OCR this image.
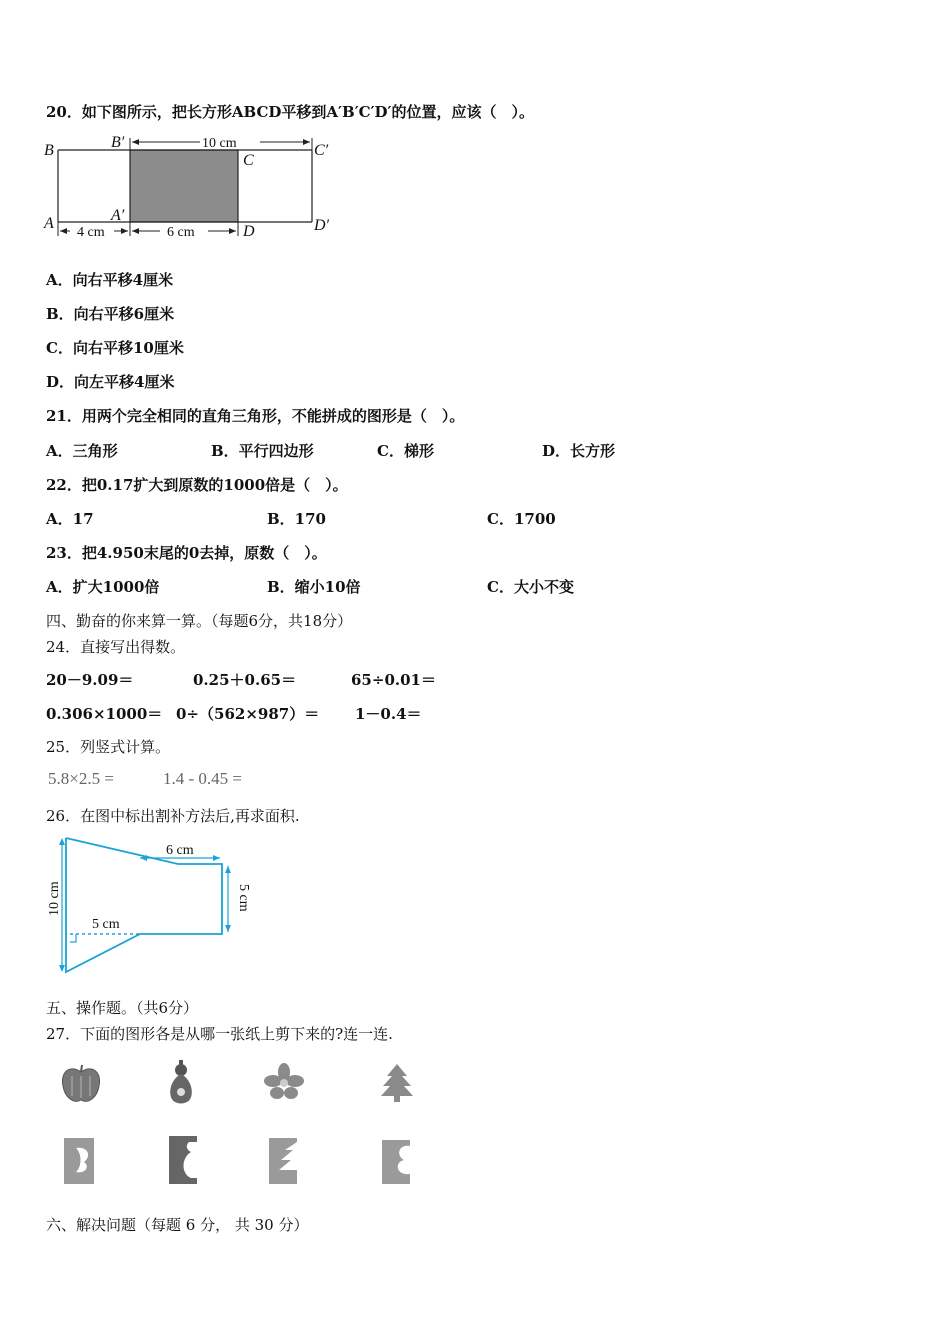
20．如下图所示，把长方形ABCD平移到A′B′C′D′的位置，应该（　）。
10 cm
4 cm	6 cm
B	B′
C
C′
A	A′
D	D′
A．向右平移4厘米
B．向右平移6厘米
C．向右平移10厘米
D．向左平移4厘米
21．用两个完全相同的直角三角形，不能拼成的图形是（　）。
A．三角形	B．平行四边形	C．梯形	D．长方形
22．把0.17扩大到原数的1000倍是（　）。
A．17	B．170	C．1700
23．把4.950末尾的0去掉，原数（　）。
A．扩大1000倍	B．缩小10倍	C．大小不变
四、勤奋的你来算一算。（每题6分，共18分）
24．直接写出得数。
20－9.09＝	0.25＋0.65＝	65÷0.01＝
0.306×1000＝ 0÷（562×987）＝ 1－0.4＝
25．列竖式计算。
5.8×2.5 =	1.4 - 0.45 =
26．在图中标出割补方法后,再求面积.
6 cm
5 cm
10 cm	5 cm
五、操作题。（共6分）
27．下面的图形各是从哪一张纸上剪下来的?连一连.
六、解决问题（每题 6 分， 共 30 分）
